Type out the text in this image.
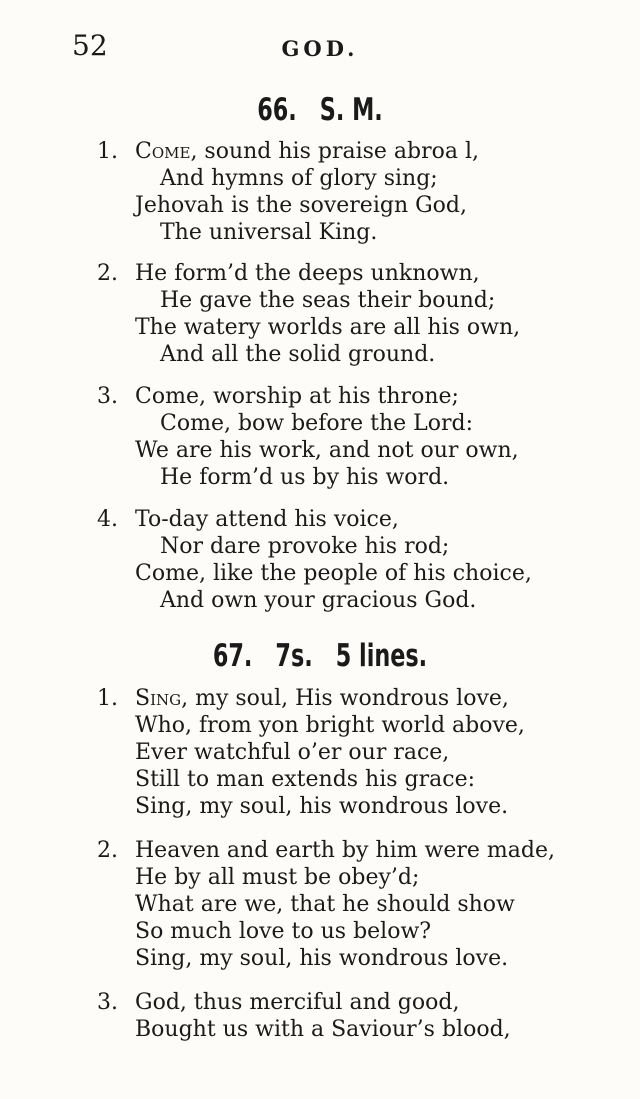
52	GOD.
66. S. M.
1. Come, sound his praise abroa l,
And hymns of glory sing;
Jehovah is the sovereign God,
The universal King.
2. He form’d the deeps unknown,
He gave the seas their bound;
The watery worlds are all his own,
And all the solid ground.
3. Come, worship at his throne;
Come, bow before the Lord:
We are his work, and not our own,
He form’d us by his word.
4. To-day attend his voice,
Nor dare provoke his rod;
Come, like the people of his choice,
And own your gracious God.
67. 7s. 5 lines.
1. Sing, my soul, His wondrous love,
Who, from yon bright world above,
Ever watchful o’er our race,
Still to man extends his grace:
Sing, my soul, his wondrous love.
2. Heaven and earth by him were made,
He by all must be obey’d;
What are we, that he should show
So much love to us below?
Sing, my soul, his wondrous love.
3. God, thus merciful and good,
Bought us with a Saviour’s blood,
